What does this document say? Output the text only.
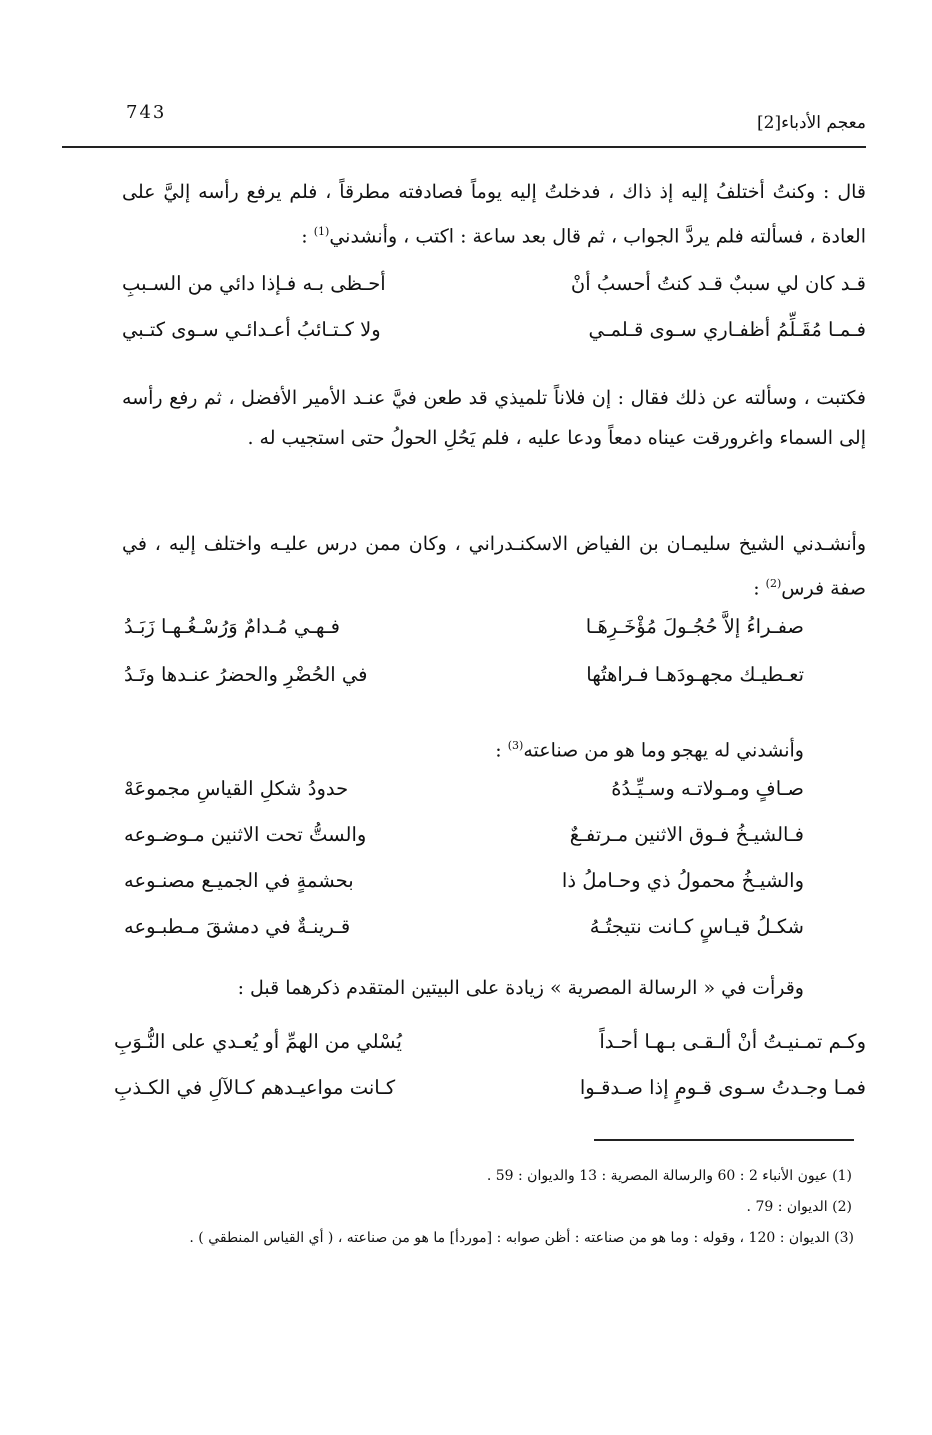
معجم الأدباء[2]
743

قال : وكنتُ أختلفُ إليه إذ ذاك ، فدخلتُ إليه يوماً فصادفته مطرقاً ، فلم يرفع رأسه إليَّ على العادة ، فسألته فلم يردَّ الجواب ، ثم قال بعد ساعة : اكتب ، وأنشدني$^{(1)}$ :

قـد كان لي سببٌ قـد كنتُ أحسبُ أنْ
أحـظى بـه فـإذا دائي من السـببِ
فـمـا مُقَـلِّمُ أظفـاري سـوى قـلمـي
ولا كـتـائبُ أعـدائـي سـوى كتـبي

فكتبت ، وسألته عن ذلك فقال : إن فلاناً تلميذي قد طعن فيَّ عنـد الأمير الأفضل ، ثم رفع رأسه إلى السماء واغرورقت عيناه دمعاً ودعا عليه ، فلم يَحُلِ الحولُ حتى استجيب له .

وأنشـدني الشيخ سليمـان بن الفياض الاسكنـدراني ، وكان ممن درس عليـه واختلف إليه ، في صفة فرس$^{(2)}$ :

صفـراءُ إلاَّ حُجُـولَ مُؤْخَـرِهَـا
فـهـي مُـدامٌ وَرُسْـغُـهـا زَبَـدُ
تعـطيـك مجهـودَهـا فـراهتُها
في الحُضْرِ والحضرُ عنـدها وتَـدُ

وأنشدني له يهجو وما هو من صناعته$^{(3)}$ :

صـافٍ ومـولاتـه وسـيِّـدُهُ
حدودُ شكلِ القياسِ مجموعَهْ
فـالشيـخُ فـوق الاثنين مـرتفـعٌ
والستُّ تحت الاثنين مـوضـوعه
والشيـخُ محمولُ ذي وحـاملُ ذا
بحشمةٍ في الجميـع مصنـوعه
شكـلُ قيـاسٍ كـانت نتيجتُـهُ
قـرينـةٌ في دمشقَ مـطبـوعه

وقرأت في « الرسالة المصرية » زيادة على البيتين المتقدم ذكرهما قبل :

وكـم تمـنيـتُ أنْ ألـقـى بـهـا أحـداً
يُسْلي من الهمِّ أو يُعـدي على النُّـوَبِ
فمـا وجـدتُ سـوى قـومٍ إذا صـدقـوا
كـانت مواعيـدهم كـالآلِ في الكـذبِ
(1) عيون الأنباء 2 : 60 والرسالة المصرية : 13 والديوان : 59 .
(2) الديوان : 79 .
(3) الديوان : 120 ، وقوله : وما هو من صناعته : أظن صوابه : [موردأ] ما هو من صناعته ، ( أي القياس المنطقي ) .
